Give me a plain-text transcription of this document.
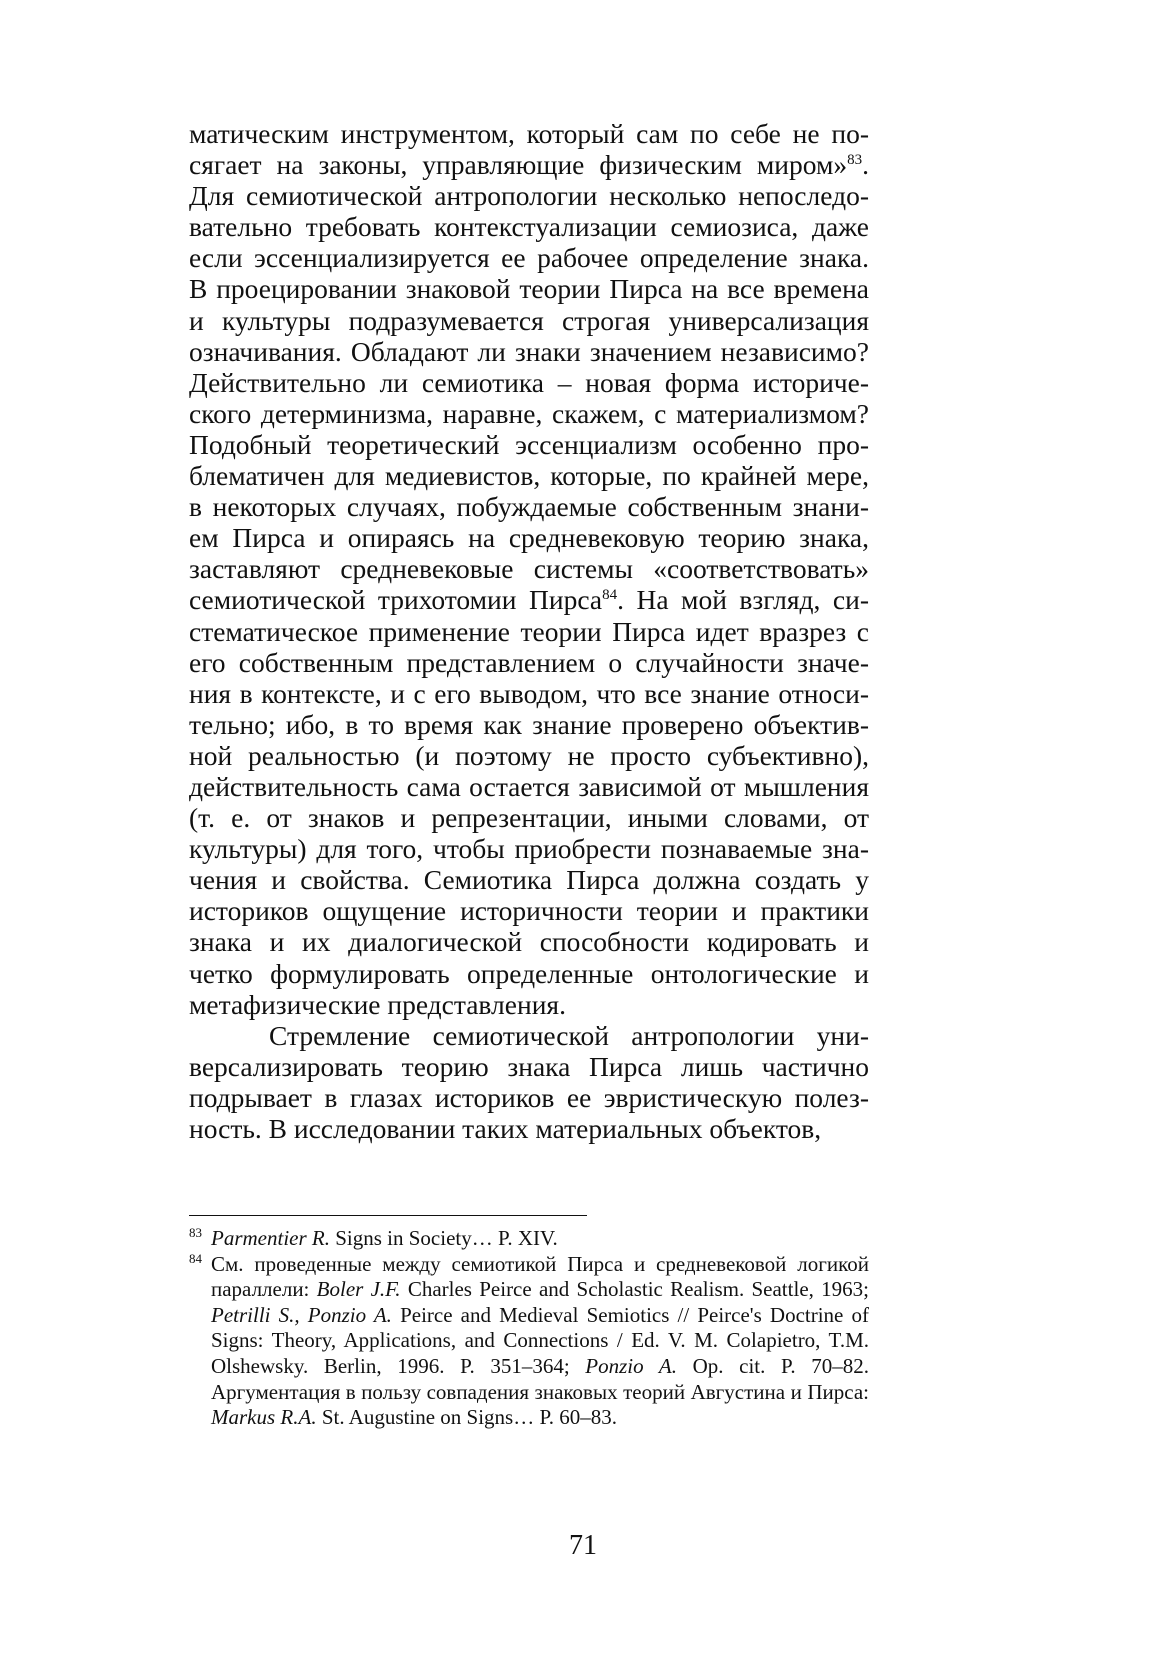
матическим инструментом, который сам по себе не посягает на законы, управляющие физическим миром»$^{83}$. Для семиотической антропологии несколько непоследовательно требовать контекстуализации семиозиса, даже если эссенциализируется ее рабочее определение знака. В проецировании знаковой теории Пирса на все времена и культуры подразумевается строгая универсализация означивания. Обладают ли знаки значением независимо? Действительно ли семиотика – новая форма исторического детерминизма, наравне, скажем, с материализмом? Подобный теоретический эссенциализм особенно проблематичен для медиевистов, которые, по крайней мере, в некоторых случаях, побуждаемые собственным знанием Пирса и опираясь на средневековую теорию знака, заставляют средневековые системы «соответствовать» семиотической трихотомии Пирса$^{84}$. На мой взгляд, систематическое применение теории Пирса идет вразрез с его собственным представлением о случайности значения в контексте, и с его выводом, что все знание относительно; ибо, в то время как знание проверено объективной реальностью (и поэтому не просто субъективно), действительность сама остается зависимой от мышления (т. е. от знаков и репрезентации, иными словами, от культуры) для того, чтобы приобрести познаваемые значения и свойства. Семиотика Пирса должна создать у историков ощущение историчности теории и практики знака и их диалогической способности кодировать и четко формулировать определенные онтологические и метафизические представления.

Стремление семиотической антропологии универсализировать теорию знака Пирса лишь частично подрывает в глазах историков ее эвристическую полезность. В исследовании таких материальных объектов,

83 Parmentier R. Signs in Society… P. XIV.

84 См. проведенные между семиотикой Пирса и средневековой логикой параллели: Boler J.F. Charles Peirce and Scholastic Realism. Seattle, 1963; Petrilli S., Ponzio A. Peirce and Medieval Semiotics // Peirce's Doctrine of Signs: Theory, Applications, and Connections / Ed. V. M. Colapietro, T.M. Olshewsky. Berlin, 1996. P. 351–364; Ponzio A. Op. cit. P. 70–82. Аргументация в пользу совпадения знаковых теорий Августина и Пирса: Markus R.A. St. Augustine on Signs… P. 60–83.

71
